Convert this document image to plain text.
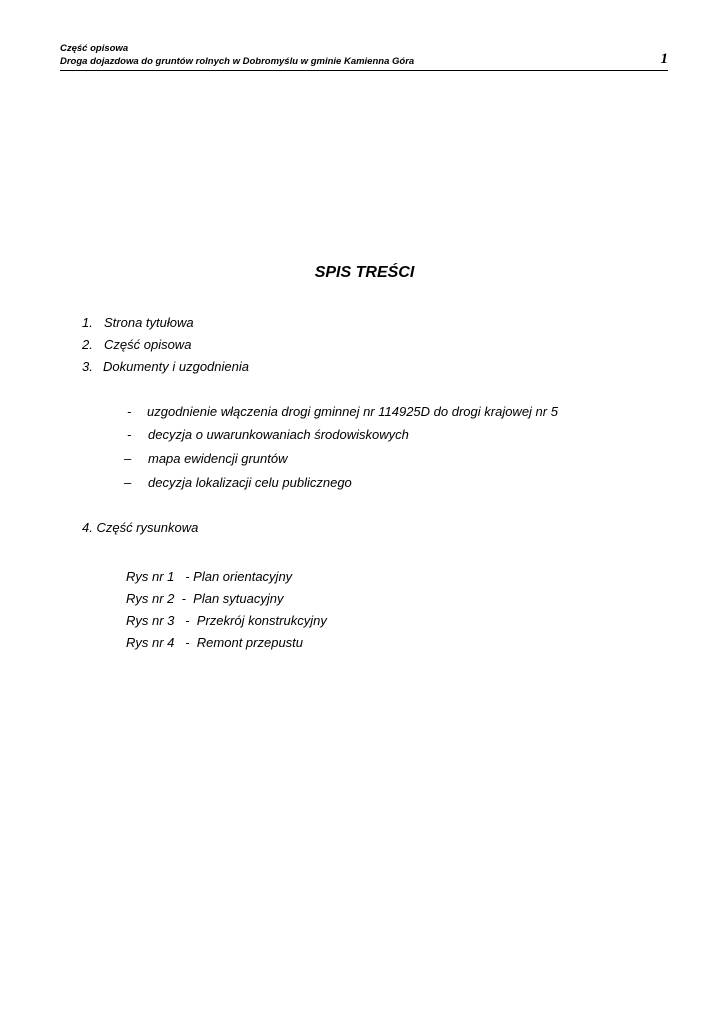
Część opisowa

Droga dojazdowa do gruntów rolnych w Dobromyślu w gminie Kamienna Góra	1
SPIS TREŚCI
1. Strona tytułowa
2. Część opisowa
3. Dokumenty i uzgodnienia
- uzgodnienie włączenia drogi gminnej nr 114925D do drogi krajowej nr 5
- decyzja o uwarunkowaniach środowiskowych
– mapa ewidencji gruntów
– decyzja lokalizacji celu publicznego
4. Część rysunkowa
Rys nr 1   - Plan orientacyjny
Rys nr 2  -  Plan sytuacyjny
Rys nr 3   -  Przekrój konstrukcyjny
Rys nr 4   -  Remont przepustu
